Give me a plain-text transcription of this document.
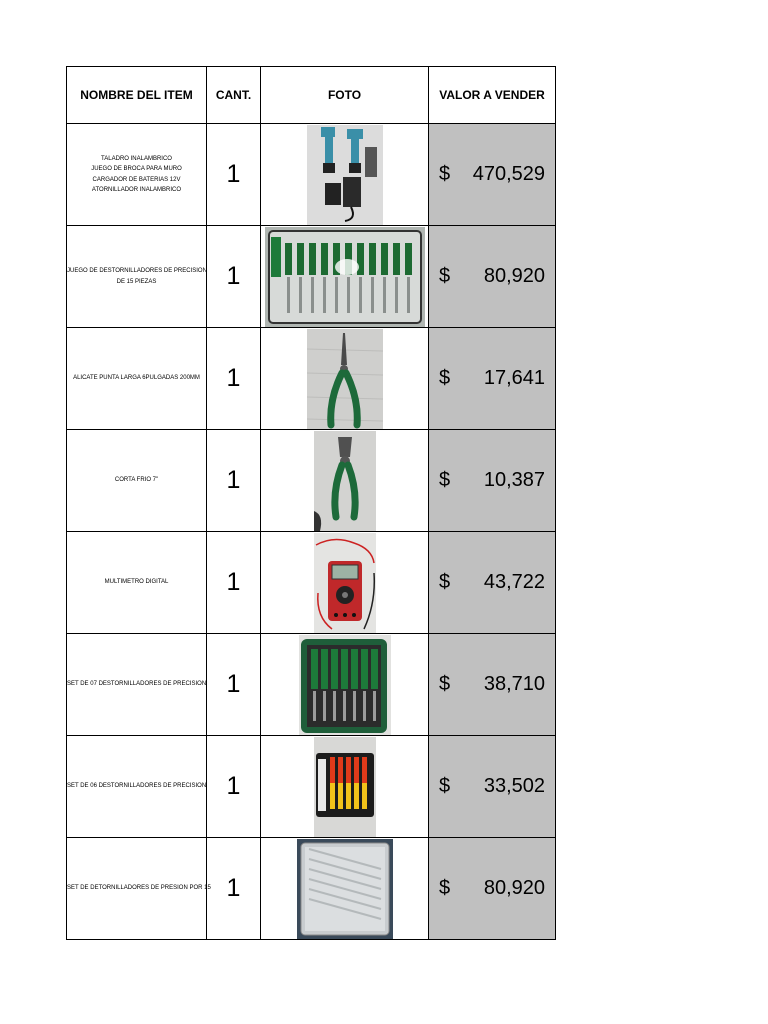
NOMBRE DEL ITEM	CANT.	FOTO	VALOR A VENDER

TALADRO INALAMBRICO
JUEGO DE BROCA PARA MURO
CARGADOR DE BATERIAS 12V
ATORNILLADOR INALAMBRICO	1		$ 470,529

JUEGO DE DESTORNILLADORES DE PRECISION
DE 15 PIEZAS	1		$ 80,920

ALICATE PUNTA LARGA 6PULGADAS 200MM	1		$ 17,641

CORTA FRIO 7"	1		$ 10,387

MULTIMETRO DIGITAL	1		$ 43,722

SET DE 07 DESTORNILLADORES DE PRECISION	1		$ 38,710

SET DE 06 DESTORNILLADORES DE PRECISION	1		$ 33,502

SET DE DETORNILLADORES DE PRESION POR 15	1		$ 80,920
